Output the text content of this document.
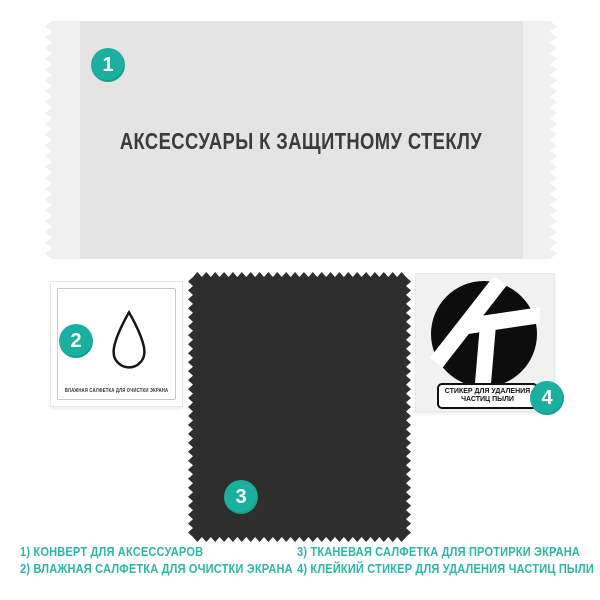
АКСЕССУАРЫ К ЗАЩИТНОМУ СТЕКЛУ
1
ВЛАЖНАЯ САЛФЕТКА ДЛЯ ОЧИСТКИ ЭКРАНА
2
3
СТИКЕР ДЛЯ УДАЛЕНИЯ
ЧАСТИЦ ПЫЛИ	4
1) КОНВЕРТ ДЛЯ АКСЕССУАРОВ
2) ВЛАЖНАЯ САЛФЕТКА ДЛЯ ОЧИСТКИ ЭКРАНА
3) ТКАНЕВАЯ САЛФЕТКА ДЛЯ ПРОТИРКИ ЭКРАНА
4) КЛЕЙКИЙ СТИКЕР ДЛЯ УДАЛЕНИЯ ЧАСТИЦ ПЫЛИ
